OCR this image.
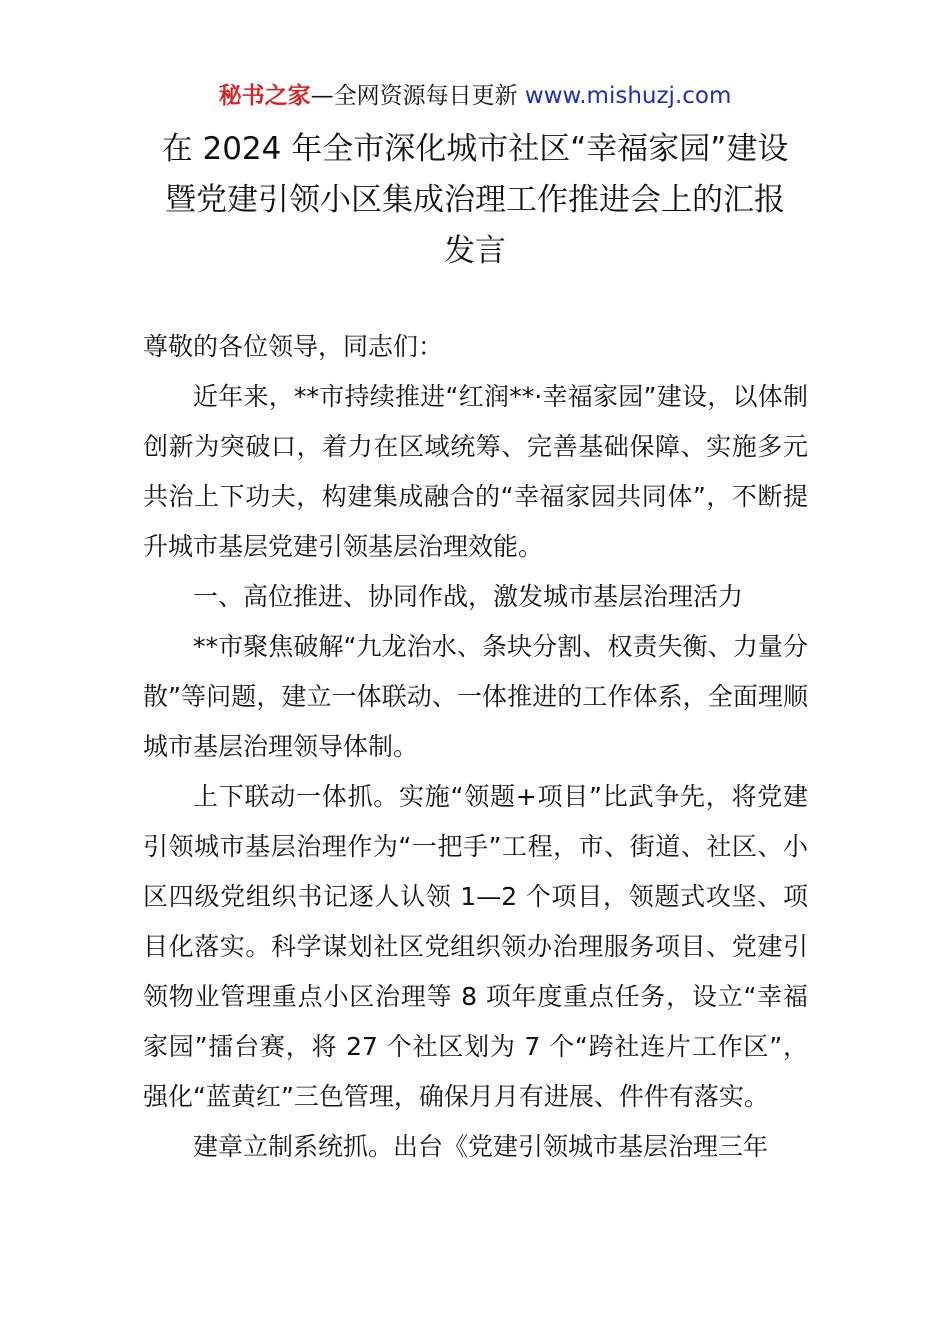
秘书之家—全网资源每日更新 www.mishuzj.com
在 2024 年全市深化城市社区“幸福家园”建设
暨党建引领小区集成治理工作推进会上的汇报
发言

尊敬的各位领导，同志们：

近年来，**市持续推进“红润**·幸福家园”建设，以体制创新为突破口，着力在区域统筹、完善基础保障、实施多元共治上下功夫，构建集成融合的“幸福家园共同体”，不断提升城市基层党建引领基层治理效能。

一、高位推进、协同作战，激发城市基层治理活力

**市聚焦破解“九龙治水、条块分割、权责失衡、力量分散”等问题，建立一体联动、一体推进的工作体系，全面理顺城市基层治理领导体制。

上下联动一体抓。实施“领题+项目”比武争先，将党建引领城市基层治理作为“一把手”工程，市、街道、社区、小区四级党组织书记逐人认领 1—2 个项目，领题式攻坚、项目化落实。科学谋划社区党组织领办治理服务项目、党建引领物业管理重点小区治理等 8 项年度重点任务，设立“幸福家园”擂台赛，将 27 个社区划为 7 个“跨社连片工作区”，强化“蓝黄红”三色管理，确保月月有进展、件件有落实。

建章立制系统抓。出台《党建引领城市基层治理三年
